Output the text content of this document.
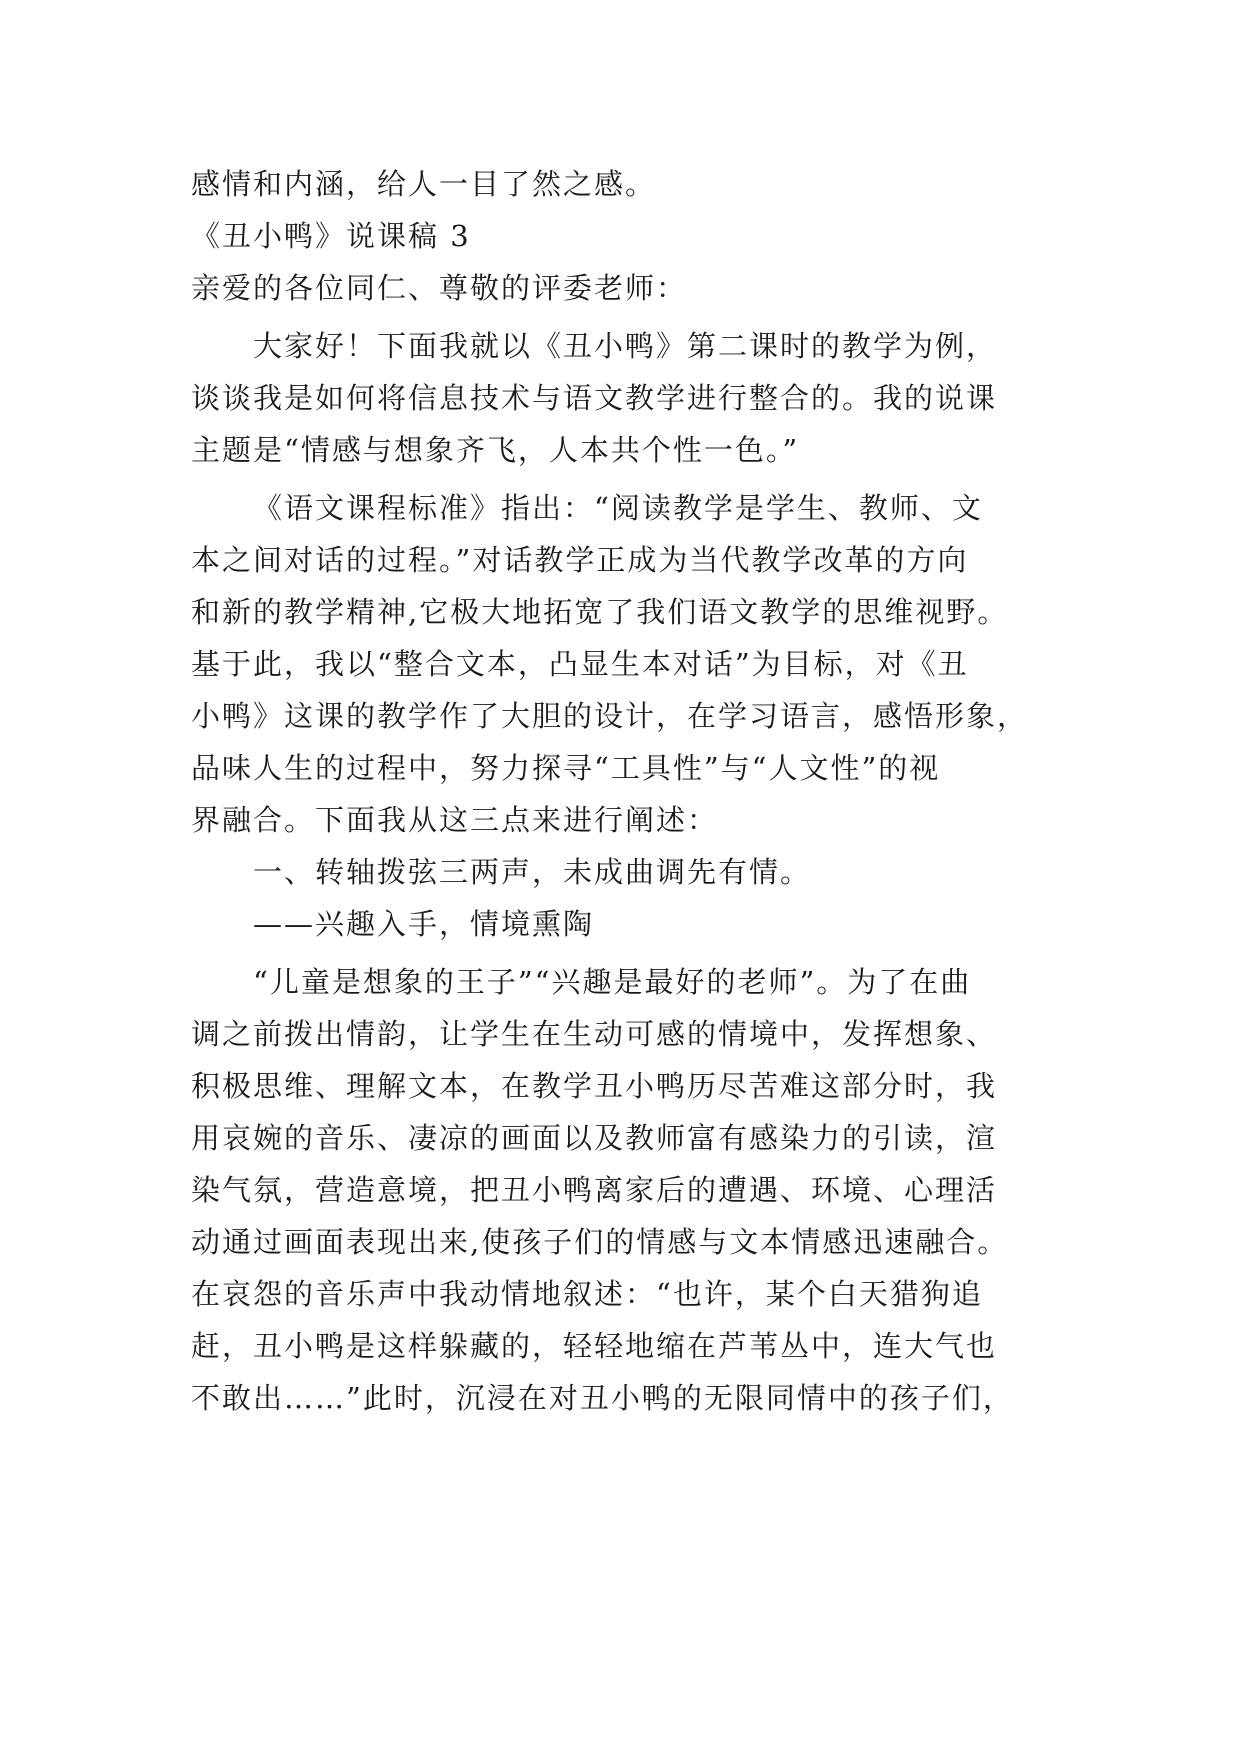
感情和内涵，给人一目了然之感。
《丑小鸭》说课稿 3
亲爱的各位同仁、尊敬的评委老师：
大家好！下面我就以《丑小鸭》第二课时的教学为例，
谈谈我是如何将信息技术与语文教学进行整合的。我的说课
主题是“情感与想象齐飞，人本共个性一色。”
《语文课程标准》指出：“阅读教学是学生、教师、文
本之间对话的过程。”对话教学正成为当代教学改革的方向
和新的教学精神,它极大地拓宽了我们语文教学的思维视野。
基于此，我以“整合文本，凸显生本对话”为目标，对《丑
小鸭》这课的教学作了大胆的设计，在学习语言，感悟形象，
品味人生的过程中，努力探寻“工具性”与“人文性”的视
界融合。下面我从这三点来进行阐述：
一、转轴拨弦三两声，未成曲调先有情。
——兴趣入手，情境熏陶
“儿童是想象的王子”“兴趣是最好的老师”。为了在曲
调之前拨出情韵，让学生在生动可感的情境中，发挥想象、
积极思维、理解文本，在教学丑小鸭历尽苦难这部分时，我
用哀婉的音乐、凄凉的画面以及教师富有感染力的引读，渲
染气氛，营造意境，把丑小鸭离家后的遭遇、环境、心理活
动通过画面表现出来,使孩子们的情感与文本情感迅速融合。
在哀怨的音乐声中我动情地叙述：“也许，某个白天猎狗追
赶，丑小鸭是这样躲藏的，轻轻地缩在芦苇丛中，连大气也
不敢出……”此时，沉浸在对丑小鸭的无限同情中的孩子们，
